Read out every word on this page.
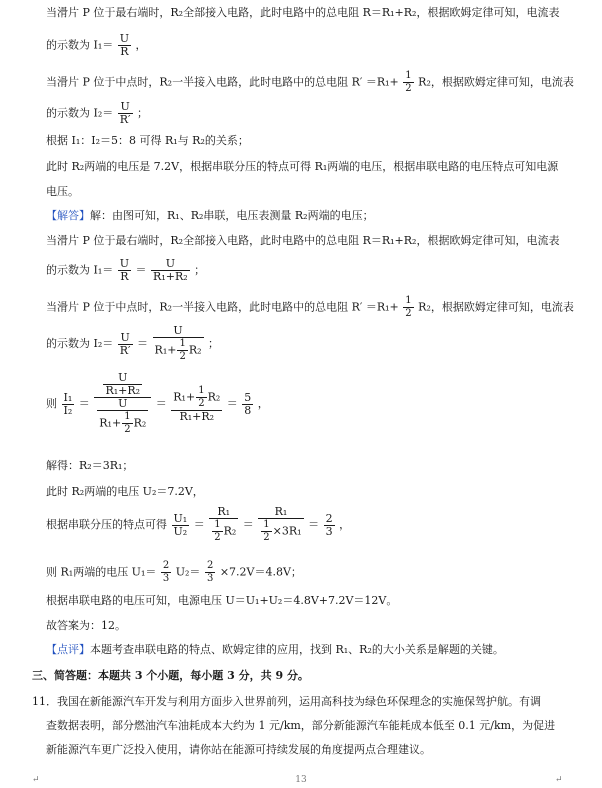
当滑片 P 位于最右端时，R₂全部接入电路，此时电路中的总电阻 R＝R₁+R₂，根据欧姆定律可知，电流表
的示数为 $I_1= \frac{U}{R}$ ，
当滑片 P 位于中点时，R₂一半接入电路，此时电路中的总电阻 $R' =R_1+ \frac{1}{2} R_2$，根据欧姆定律可知，电流表
的示数为 $I_2= \frac{U}{R'}$ ；
根据 I₁：I₂＝5：8 可得 R₁与 R₂的关系；
此时 R₂两端的电压是 7.2V，根据串联分压的特点可得 R₁两端的电压，根据串联电路的电压特点可知电源
电压。
【解答】解：由图可知，R₁、R₂串联，电压表测量 R₂两端的电压；
当滑片 P 位于最右端时，R₂全部接入电路，此时电路中的总电阻 R＝R₁+R₂，根据欧姆定律可知，电流表
的示数为 $I_1= \frac{U}{R} = \frac{U}{\text{R₁+R₂}}$ ；
当滑片 P 位于中点时，R₂一半接入电路，此时电路中的总电阻 $R' =R_1+ \frac{1}{2} R_2$，根据欧姆定律可知，电流表
的示数为 $I_2= \frac{U}{R'} = \frac{U}{R_1+ \frac{1}{2} R_2}$ ；
则 $\frac{\text{I₁}}{\text{I₂}} = \frac{\frac{U}{\text{R₁+R₂}}}{\frac{U}{R_1+ \frac{1}{2} R_2}} = \frac{R_1+ \frac{1}{2} R_2}{\text{R₁+R₂}} = \frac{5}{8}$ ，
解得：R₂＝3R₁；
此时 R₂两端的电压 U₂＝7.2V，
根据串联分压的特点可得 $\frac{\text{U₁}}{\text{U₂}} = \frac{\text{R₁}}{\frac{1}{2} R_2} = \frac{\text{R₁}}{\frac{1}{2} \times 3R_1} = \frac{2}{3}$ ，
则 R₁两端的电压 $U_1= \frac{2}{3} U_2= \frac{2}{3} \times 7.2V=4.8V$；
根据串联电路的电压可知，电源电压 U＝U₁+U₂＝4.8V+7.2V＝12V。
故答案为：12。
【点评】本题考查串联电路的特点、欧姆定律的应用，找到 R₁、R₂的大小关系是解题的关键。
三、简答题：本题共 3 个小题，每小题 3 分，共 9 分。
11．我国在新能源汽车开发与利用方面步入世界前列，运用高科技为绿色环保理念的实施保驾护航。有调
查数据表明，部分燃油汽车油耗成本大约为 1 元/km，部分新能源汽车能耗成本低至 0.1 元/km，为促进
新能源汽车更广泛投入使用，请你站在能源可持续发展的角度提两点合理建议。
↵	13	↵
